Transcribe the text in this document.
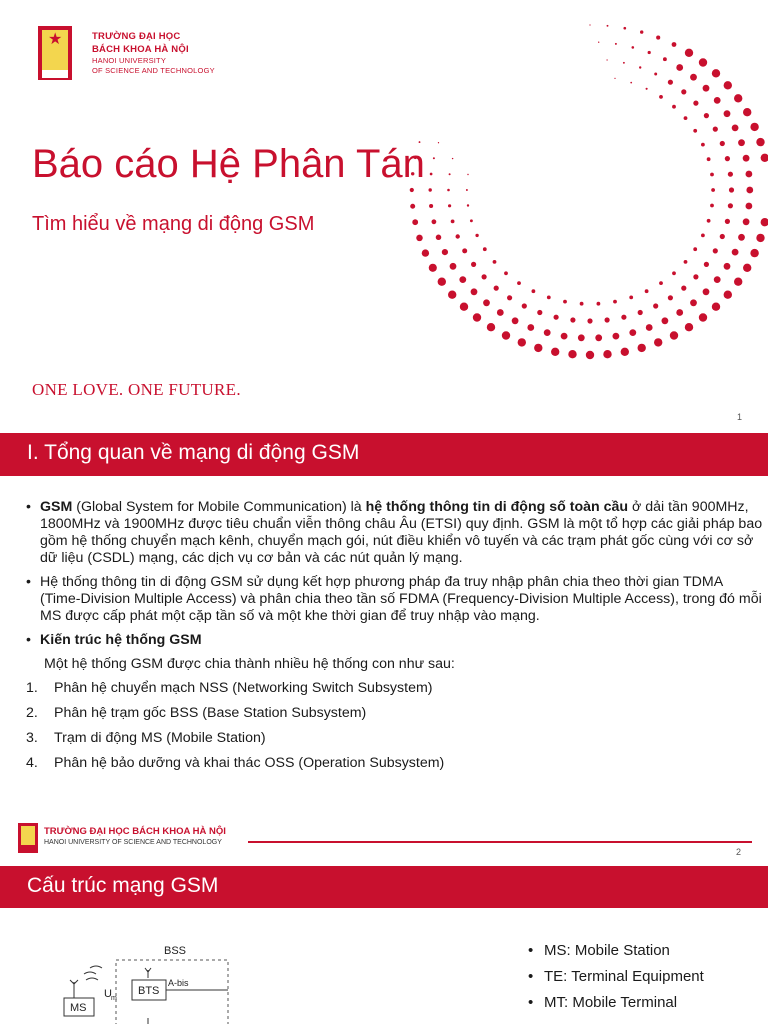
★	TRƯỜNG ĐẠI HỌC
BÁCH KHOA HÀ NỘI
HANOI UNIVERSITY
OF SCIENCE AND TECHNOLOGY
Báo cáo Hệ Phân Tán
Tìm hiểu về mạng di động GSM
ONE LOVE. ONE FUTURE.
1
I. Tổng quan về mạng di động GSM

• GSM (Global System for Mobile Communication) là hệ thống thông tin di động số toàn cầu ở dải tần 900MHz, 1800MHz và 1900MHz được tiêu chuẩn viễn thông châu Âu (ETSI) quy định. GSM là một tổ hợp các giải pháp bao gồm hệ thống chuyển mạch kênh, chuyển mạch gói, nút điều khiển vô tuyến và các trạm phát gốc cùng với cơ sở dữ liệu (CSDL) mạng, các dịch vụ cơ bản và các nút quản lý mạng.

• Hệ thống thông tin di động GSM sử dụng kết hợp phương pháp đa truy nhập phân chia theo thời gian TDMA (Time-Division Multiple Access) và phân chia theo tần số FDMA (Frequency-Division Multiple Access), trong đó mỗi MS được cấp phát một cặp tần số và một khe thời gian để truy nhập vào mạng.

• Kiến trúc hệ thống GSM

Một hệ thống GSM được chia thành nhiều hệ thống con như sau:

1. Phân hệ chuyển mạch NSS (Networking Switch Subsystem)
2. Phân hệ trạm gốc BSS (Base Station Subsystem)
3. Trạm di động MS (Mobile Station)
4. Phân hệ bảo dưỡng và khai thác OSS (Operation Subsystem)
TRƯỜNG ĐẠI HỌC BÁCH KHOA HÀ NỘI
HANOI UNIVERSITY OF SCIENCE AND TECHNOLOGY
2
Cấu trúc mạng GSM
BSS
MS
U m
BTS
A-bis
• MS: Mobile Station
• TE: Terminal Equipment
• MT: Mobile Terminal
